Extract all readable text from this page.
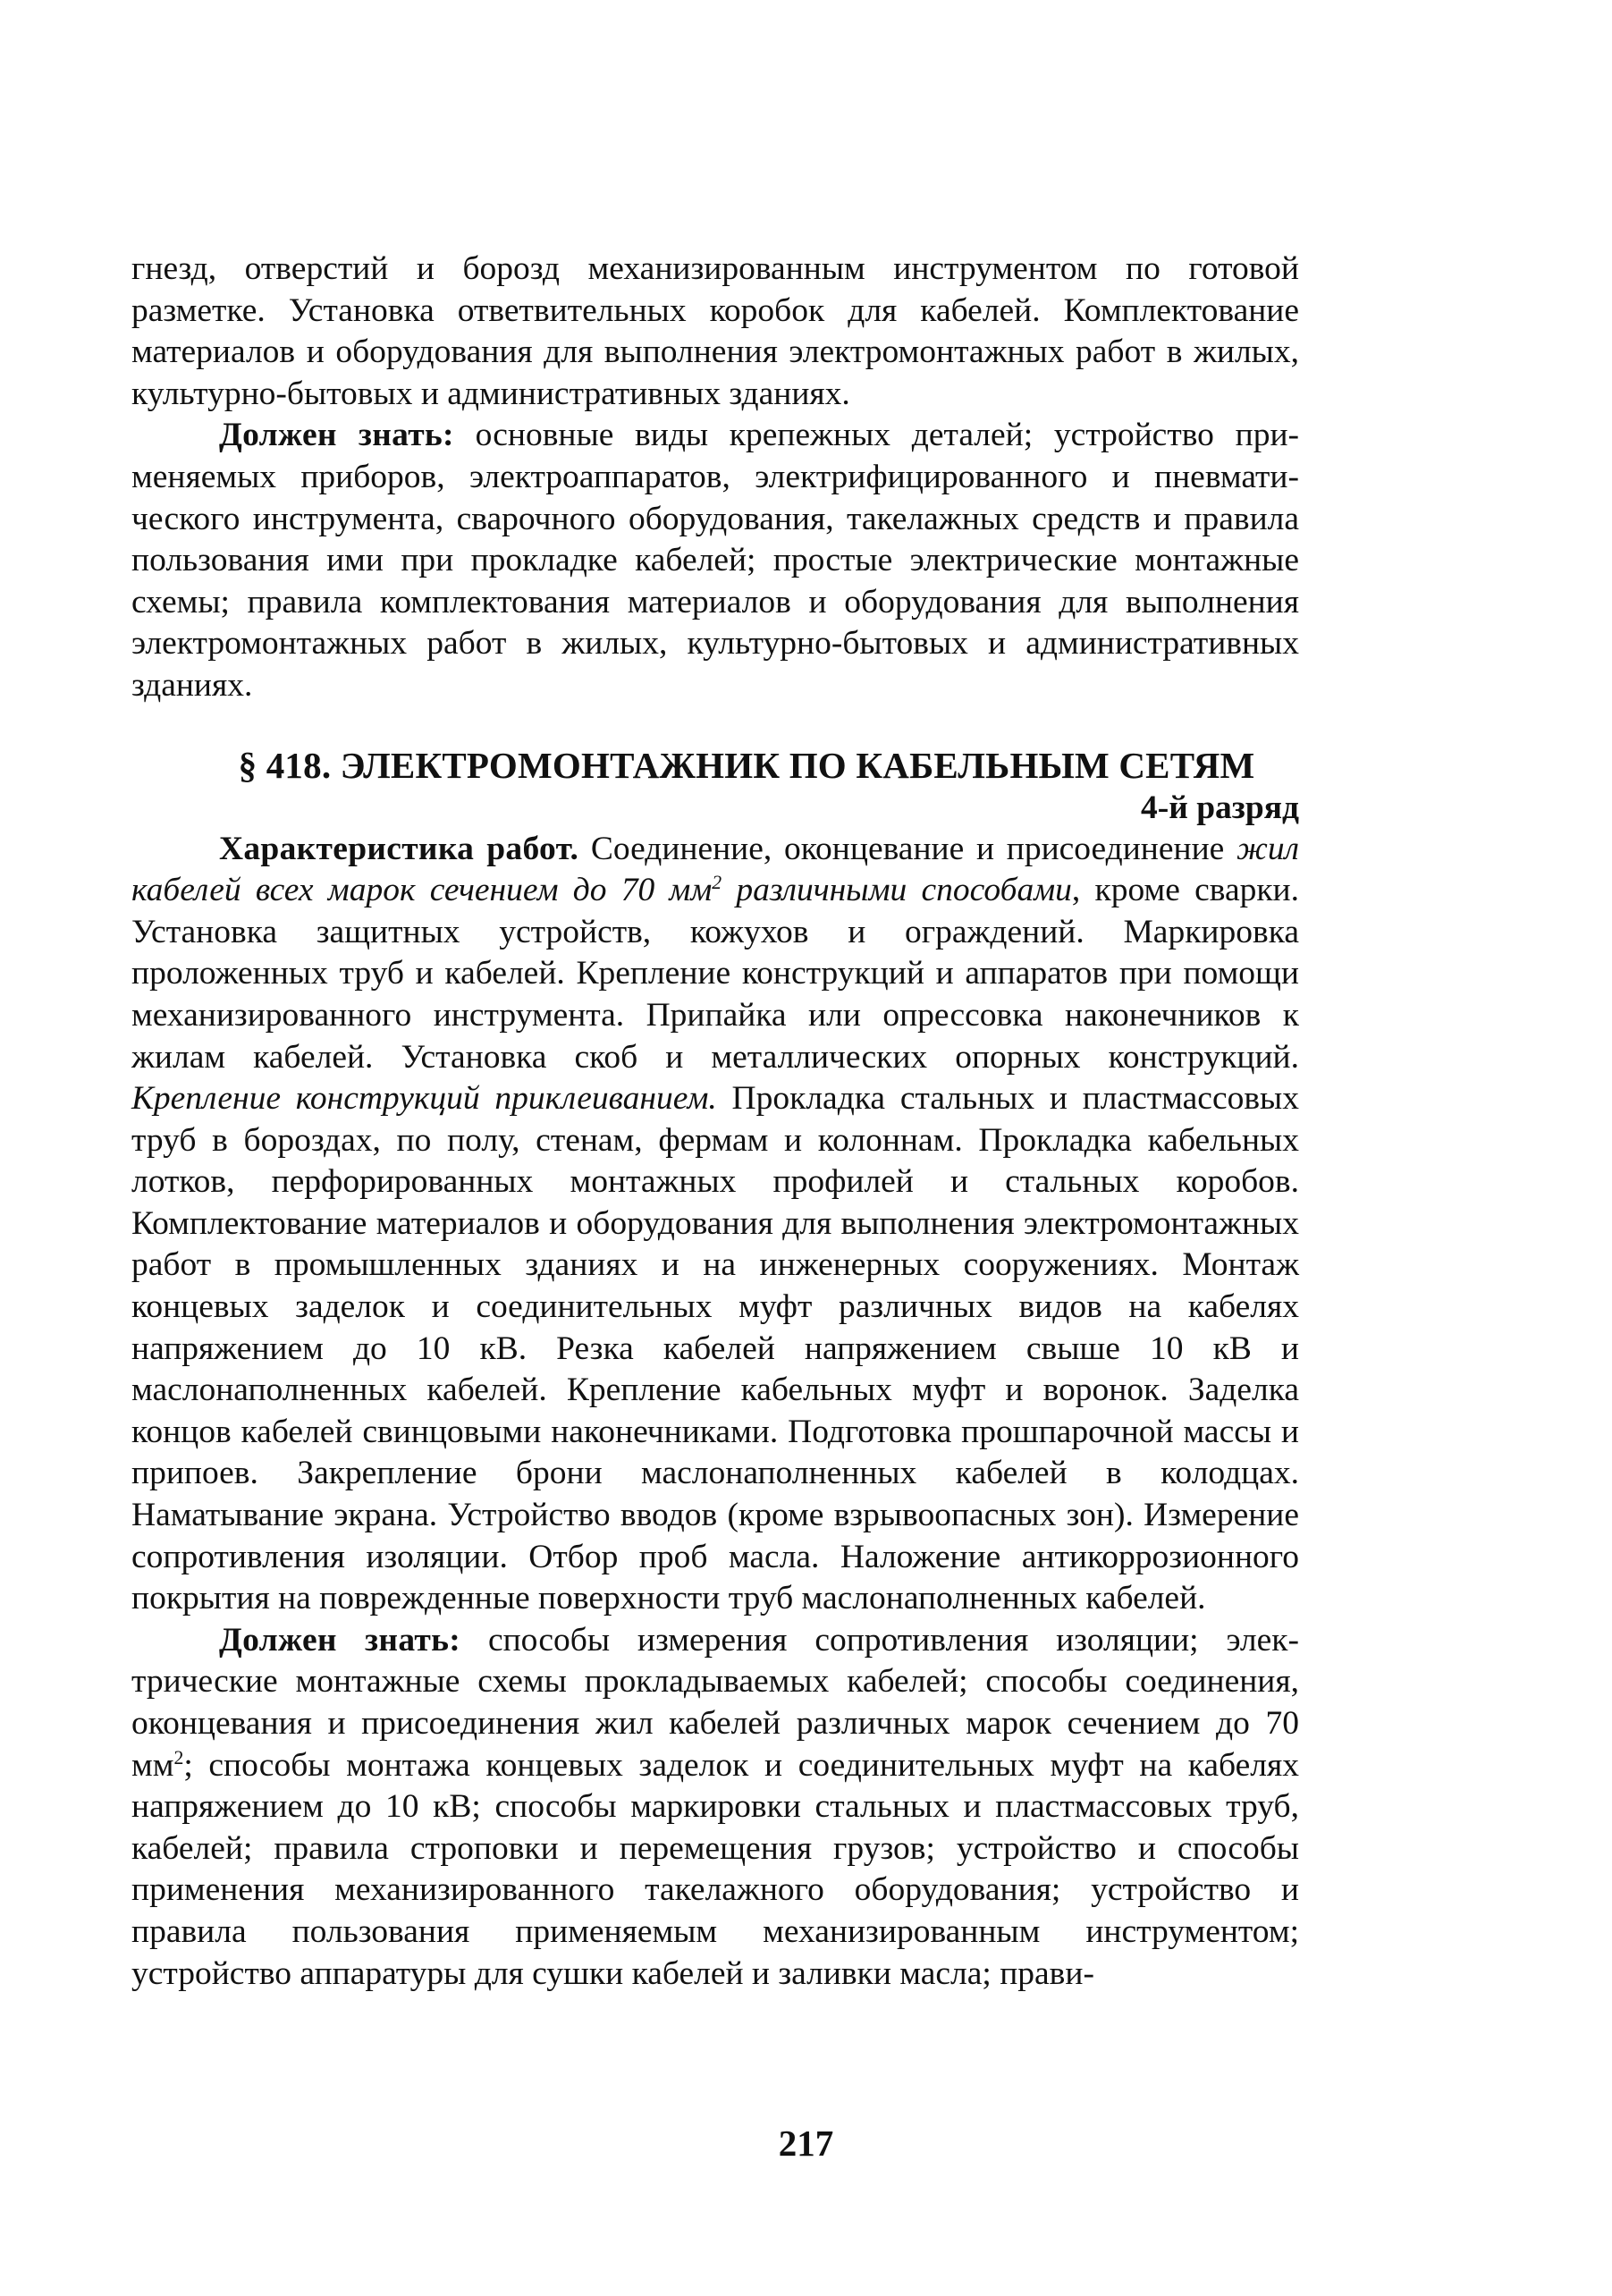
гнезд, отверстий и борозд механизированным инструментом по готовой разметке. Установка ответвительных коробок для кабелей. Комплектование материалов и оборудования для выполнения электромонтажных работ в жилых, культурно-бытовых и административных зданиях.

Должен знать: основные виды крепежных деталей; устройство применяемых приборов, электроаппаратов, электрифицированного и пневматического инструмента, сварочного оборудования, такелажных средств и правила пользования ими при прокладке кабелей; простые электрические монтажные схемы; правила комплектования материалов и оборудования для выполнения электромонтажных работ в жилых, культурно-бытовых и административных зданиях.

§ 418. ЭЛЕКТРОМОНТАЖНИК ПО КАБЕЛЬНЫМ СЕТЯМ

4-й разряд

Характеристика работ. Соединение, оконцевание и присоединение жил кабелей всех марок сечением до 70 $мм^2$ различными способами, кроме сварки. Установка защитных устройств, кожухов и ограждений. Маркировка проложенных труб и кабелей. Крепление конструкций и аппаратов при помощи механизированного инструмента. Припайка или опрессовка наконечников к жилам кабелей. Установка скоб и металлических опорных конструкций. Крепление конструкций приклеиванием. Прокладка стальных и пластмассовых труб в бороздах, по полу, стенам, фермам и колоннам. Прокладка кабельных лотков, перфорированных монтажных профилей и стальных коробов. Комплектование материалов и оборудования для выполнения электромонтажных работ в промышленных зданиях и на инженерных сооружениях. Монтаж концевых заделок и соединительных муфт различных видов на кабелях напряжением до 10 кВ. Резка кабелей напряжением свыше 10 кВ и маслонаполненных кабелей. Крепление кабельных муфт и воронок. Заделка концов кабелей свинцовыми наконечниками. Подготовка прошпарочной массы и припоев. Закрепление брони маслонаполненных кабелей в колодцах. Наматывание экрана. Устройство вводов (кроме взрывоопасных зон). Измерение сопротивления изоляции. Отбор проб масла. Наложение антикоррозионного покрытия на поврежденные поверхности труб маслонаполненных кабелей.

Должен знать: способы измерения сопротивления изоляции; электрические монтажные схемы прокладываемых кабелей; способы соединения, оконцевания и присоединения жил кабелей различных марок сечением до 70 $мм^2$; способы монтажа концевых заделок и соединительных муфт на кабелях напряжением до 10 кВ; способы маркировки стальных и пластмассовых труб, кабелей; правила строповки и перемещения грузов; устройство и способы применения механизированного такелажного оборудования; устройство и правила пользования применяемым механизированным инструментом; устройство аппаратуры для сушки кабелей и заливки масла; прави-

217
